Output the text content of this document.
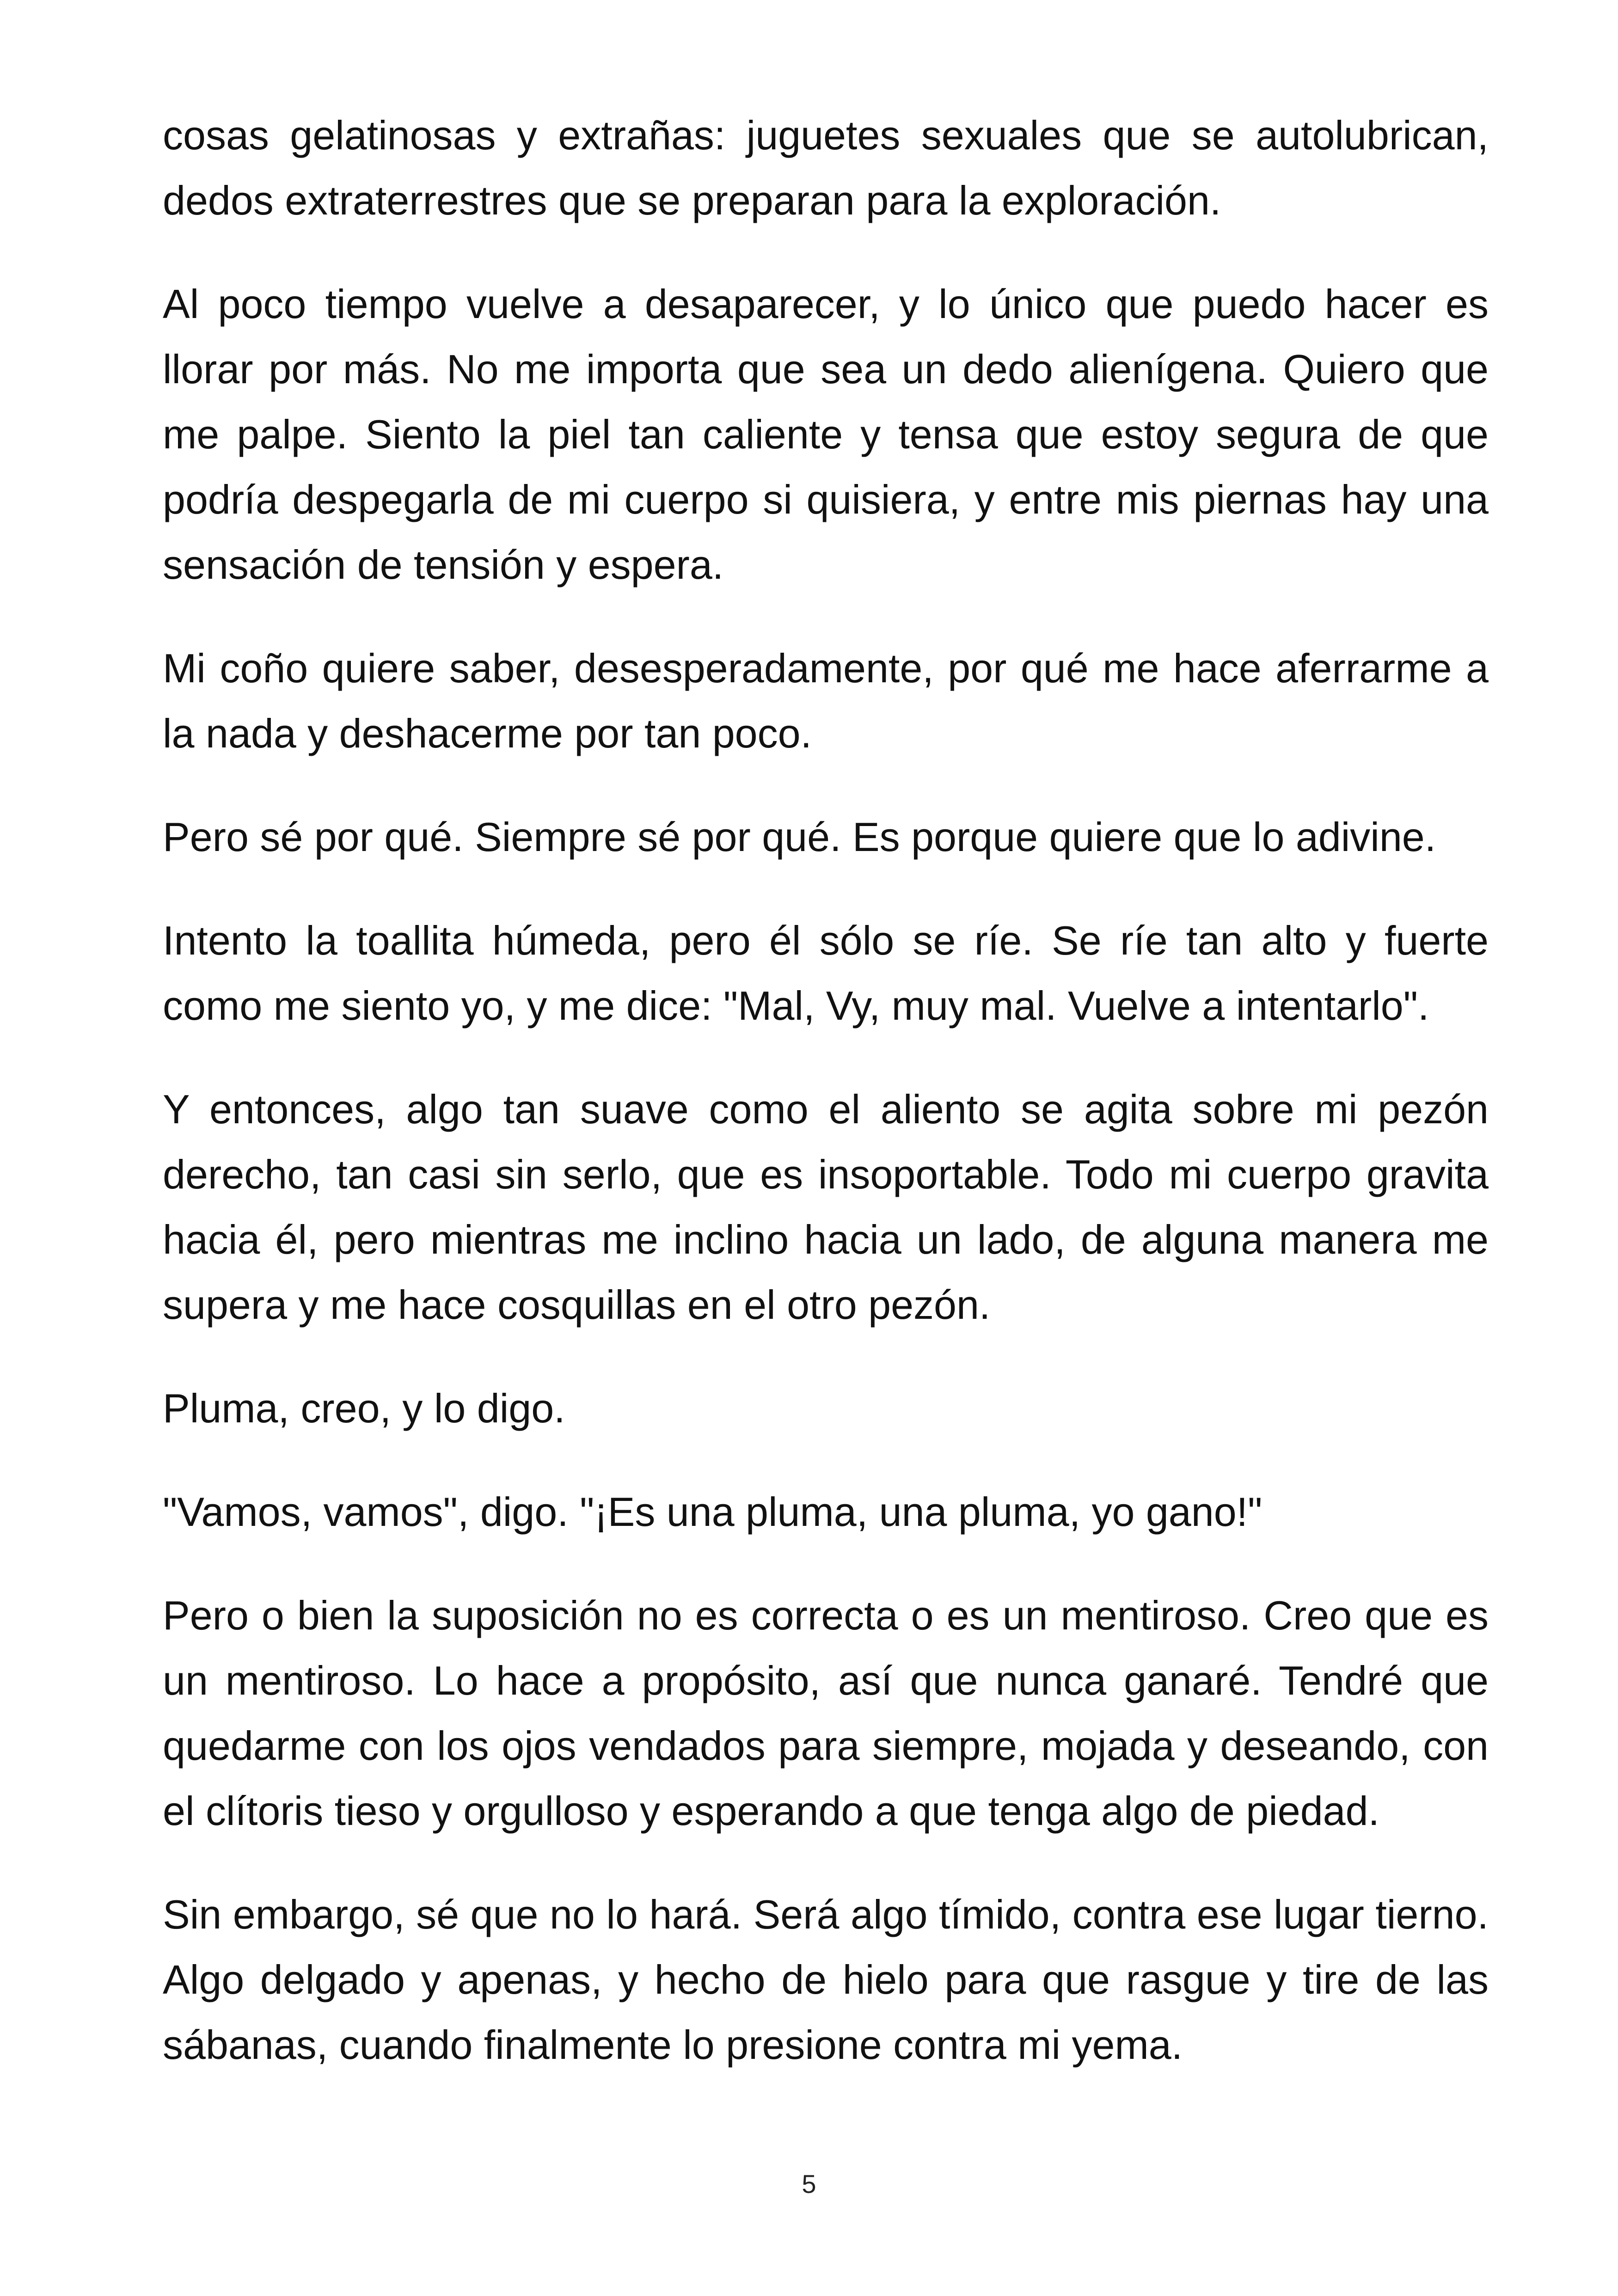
cosas gelatinosas y extrañas: juguetes sexuales que se autolubrican, dedos extraterrestres que se preparan para la exploración.

Al poco tiempo vuelve a desaparecer, y lo único que puedo hacer es llorar por más. No me importa que sea un dedo alienígena. Quiero que me palpe. Siento la piel tan caliente y tensa que estoy segura de que podría despegarla de mi cuerpo si quisiera, y entre mis piernas hay una sensación de tensión y espera.

Mi coño quiere saber, desesperadamente, por qué me hace aferrarme a la nada y deshacerme por tan poco.

Pero sé por qué. Siempre sé por qué. Es porque quiere que lo adivine.

Intento la toallita húmeda, pero él sólo se ríe. Se ríe tan alto y fuerte como me siento yo, y me dice: "Mal, Vy, muy mal. Vuelve a intentarlo".

Y entonces, algo tan suave como el aliento se agita sobre mi pezón derecho, tan casi sin serlo, que es insoportable. Todo mi cuerpo gravita hacia él, pero mientras me inclino hacia un lado, de alguna manera me supera y me hace cosquillas en el otro pezón.

Pluma, creo, y lo digo.

"Vamos, vamos", digo. "¡Es una pluma, una pluma, yo gano!"

Pero o bien la suposición no es correcta o es un mentiroso. Creo que es un mentiroso. Lo hace a propósito, así que nunca ganaré. Tendré que quedarme con los ojos vendados para siempre, mojada y deseando, con el clítoris tieso y orgulloso y esperando a que tenga algo de piedad.

Sin embargo, sé que no lo hará. Será algo tímido, contra ese lugar tierno. Algo delgado y apenas, y hecho de hielo para que rasgue y tire de las sábanas, cuando finalmente lo presione contra mi yema.

5
